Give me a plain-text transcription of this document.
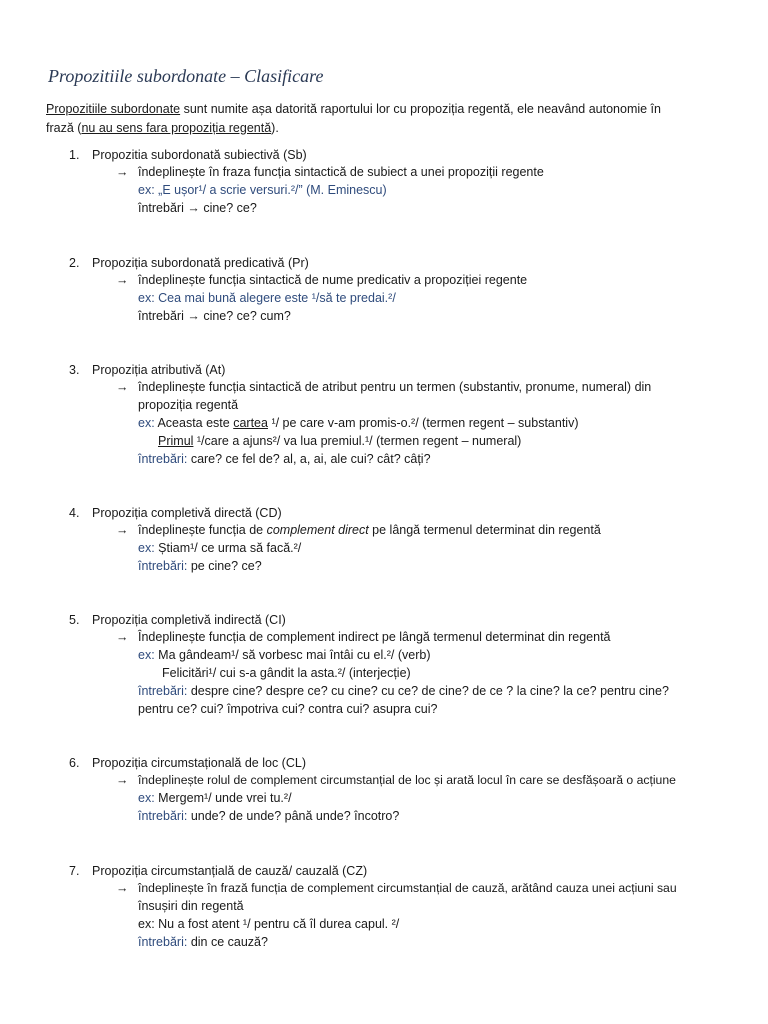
Propozitiile subordonate – Clasificare
Propozitiile subordonate sunt numite așa datorită raportului lor cu propoziția regentă, ele neavând autonomie în
frază (nu au sens fara propoziția regentă).
1. Propozitia subordonată subiectivă (Sb)
→ îndeplinește în fraza funcția sintactică de subiect a unei propoziții regente
ex: „E ușor¹/ a scrie versuri.²/” (M. Eminescu)
întrebări → cine? ce?
2. Propoziția subordonată predicativă (Pr)
→ îndeplinește funcția sintactică de nume predicativ a propoziției regente
ex: Cea mai bună alegere este ¹/să te predai.²/
întrebări → cine? ce? cum?
3. Propoziția atributivă (At)
→ îndeplinește funcția sintactică de atribut pentru un termen (substantiv, pronume, numeral) din
propoziția regentă
ex: Aceasta este cartea ¹/ pe care v-am promis-o.²/ (termen regent – substantiv)
Primul ¹/care a ajuns²/ va lua premiul.¹/ (termen regent – numeral)
întrebări: care? ce fel de? al, a, ai, ale cui? cât? câți?
4. Propoziția completivă directă (CD)
→ îndeplinește funcția de complement direct pe lângă termenul determinat din regentă
ex: Știam¹/ ce urma să facă.²/
întrebări: pe cine? ce?
5. Propoziția completivă indirectă (CI)
→ Îndeplinește funcția de complement indirect pe lângă termenul determinat din regentă
ex: Ma gândeam¹/ să vorbesc mai întâi cu el.²/ (verb)
Felicitări¹/ cui s-a gândit la asta.²/ (interjecție)
întrebări: despre cine? despre ce? cu cine? cu ce? de cine? de ce ? la cine? la ce? pentru cine?
pentru ce? cui? împotriva cui? contra cui? asupra cui?
6. Propoziția circumstațională de loc (CL)
→ îndeplinește rolul de complement circumstanțial de loc și arată locul în care se desfășoară o acțiune
ex: Mergem¹/ unde vrei tu.²/
întrebări: unde? de unde? până unde? încotro?
7. Propoziția circumstanțială de cauză/ cauzală (CZ)
→ îndeplinește în frază funcția de complement circumstanțial de cauză, arătând cauza unei acțiuni sau
însușiri din regentă
ex: Nu a fost atent ¹/ pentru că îl durea capul. ²/
întrebări: din ce cauză?
